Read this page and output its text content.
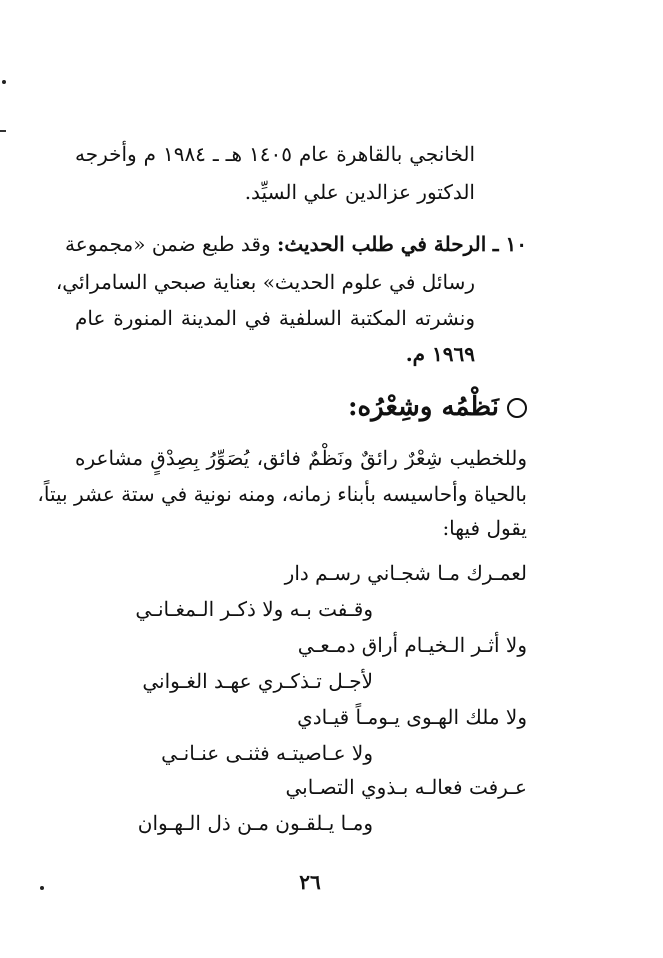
الخانجي بالقاهرة عام ١٤٠٥ هـ ـ ١٩٨٤ م وأخرجه
الدكتور عزالدين علي السيِّد.
١٠ ـ الرحلة في طلب الحديث: وقد طبع ضمن «مجموعة
رسائل في علوم الحديث» بعناية صبحي السامرائي،
ونشرته المكتبة السلفية في المدينة المنورة عام
١٩٦٩ م.
نَظْمُه وشِعْرُه:
وللخطيب شِعْرٌ رائقٌ ونَظْمٌ فائق، يُصَوِّرُ بِصِدْقٍ مشاعره
بالحياة وأحاسيسه بأبناء زمانه، ومنه نونية في ستة عشر بيتاً،
يقول فيها:
لعمـرك مـا شجـاني رسـم دار
وقـفت بـه ولا ذكـر الـمغـانـي
ولا أثـر الـخيـام أراق دمـعـي
لأجـل تـذكـري عهـد الغـواني
ولا ملك الهـوى يـومـاً قيـادي
ولا عـاصيتـه فثنـى عنـانـي
عـرفت فعالـه بـذوي التصـابي
ومـا يـلقـون مـن ذل الـهـوان
٢٦
